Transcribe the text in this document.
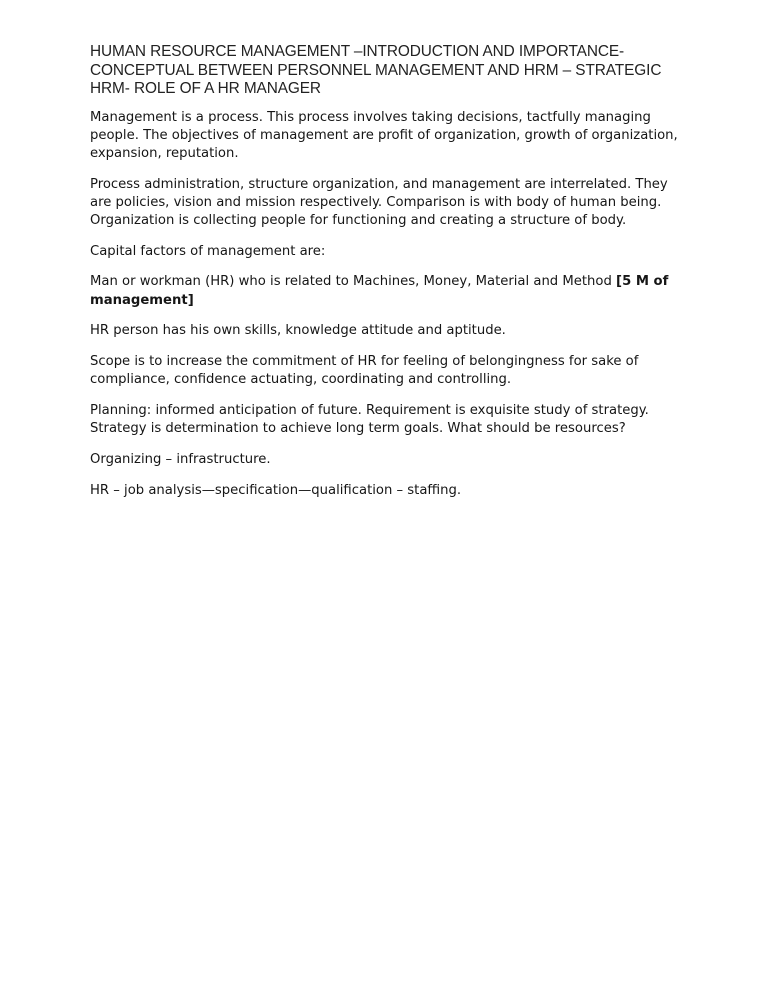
HUMAN RESOURCE MANAGEMENT –INTRODUCTION AND IMPORTANCE- CONCEPTUAL BETWEEN PERSONNEL MANAGEMENT AND HRM – STRATEGIC HRM- ROLE OF A HR MANAGER

Management is a process. This process involves taking decisions, tactfully managing people. The objectives of management are profit of organization, growth of organization, expansion, reputation.

Process administration, structure organization, and management are interrelated. They are policies, vision and mission respectively. Comparison is with body of human being. Organization is collecting people for functioning and creating a structure of body.

Capital factors of management are:

Man or workman (HR) who is related to Machines, Money, Material and Method [5 M of management]

HR person has his own skills, knowledge attitude and aptitude.

Scope is to increase the commitment of HR for feeling of belongingness for sake of compliance, confidence actuating, coordinating and controlling.

Planning: informed anticipation of future. Requirement is exquisite study of strategy. Strategy is determination to achieve long term goals. What should be resources?

Organizing – infrastructure.

HR – job analysis—specification—qualification – staffing.
